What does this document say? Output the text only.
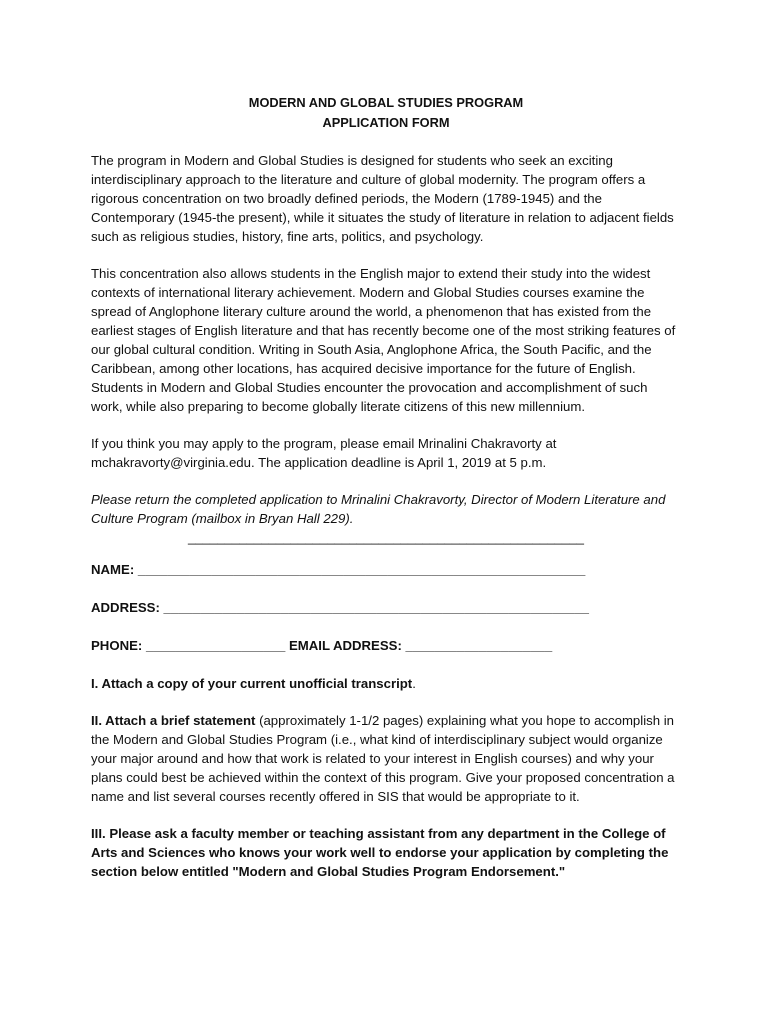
MODERN AND GLOBAL STUDIES PROGRAM
APPLICATION FORM

The program in Modern and Global Studies is designed for students who seek an exciting interdisciplinary approach to the literature and culture of global modernity. The program offers a rigorous concentration on two broadly defined periods, the Modern (1789-1945) and the Contemporary (1945-the present), while it situates the study of literature in relation to adjacent fields such as religious studies, history, fine arts, politics, and psychology.

This concentration also allows students in the English major to extend their study into the widest contexts of international literary achievement. Modern and Global Studies courses examine the spread of Anglophone literary culture around the world, a phenomenon that has existed from the earliest stages of English literature and that has recently become one of the most striking features of our global cultural condition. Writing in South Asia, Anglophone Africa, the South Pacific, and the Caribbean, among other locations, has acquired decisive importance for the future of English. Students in Modern and Global Studies encounter the provocation and accomplishment of such work, while also preparing to become globally literate citizens of this new millennium.

If you think you may apply to the program, please email Mrinalini Chakravorty at mchakravorty@virginia.edu. The application deadline is April 1, 2019 at 5 p.m.

Please return the completed application to Mrinalini Chakravorty, Director of Modern Literature and Culture Program (mailbox in Bryan Hall 229).

______________________________________________________
NAME: _____________________________________________________________
ADDRESS: __________________________________________________________
PHONE: ___________________ EMAIL ADDRESS: ____________________

I. Attach a copy of your current unofficial transcript.

II. Attach a brief statement (approximately 1-1/2 pages) explaining what you hope to accomplish in the Modern and Global Studies Program (i.e., what kind of interdisciplinary subject would organize your major around and how that work is related to your interest in English courses) and why your plans could best be achieved within the context of this program. Give your proposed concentration a name and list several courses recently offered in SIS that would be appropriate to it.

III. Please ask a faculty member or teaching assistant from any department in the College of Arts and Sciences who knows your work well to endorse your application by completing the section below entitled "Modern and Global Studies Program Endorsement."
